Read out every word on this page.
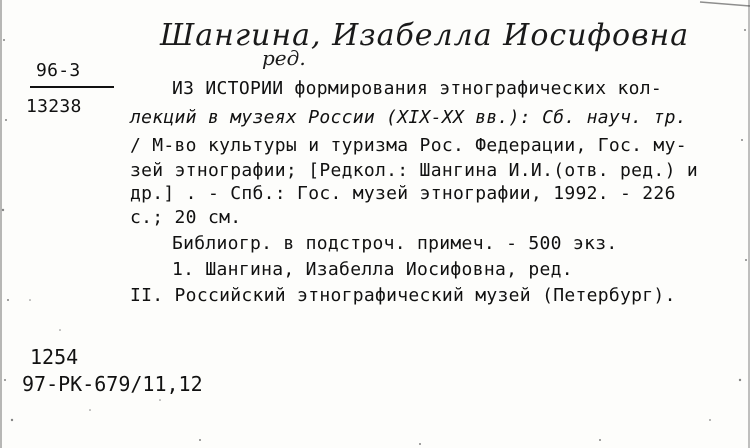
Шангина, Изабелла Иосифовна
ред.
96-3
13238
ИЗ ИСТОРИИ формирования этнографических кол-
лекций в музеях России (XIX-XX вв.): Сб. науч. тр.
/ М-во культуры и туризма Рос. Федерации, Гос. му-
зей этнографии; [Редкол.: Шангина И.И.(отв. ред.) и
др.] . - Спб.: Гос. музей этнографии, 1992. - 226
с.; 20 см.
Библиогр. в подстроч. примеч. - 500 экз.
1. Шангина, Изабелла Иосифовна, ред.
II. Российский этнографический музей (Петербург).
1254
97-PK-679/11,12
